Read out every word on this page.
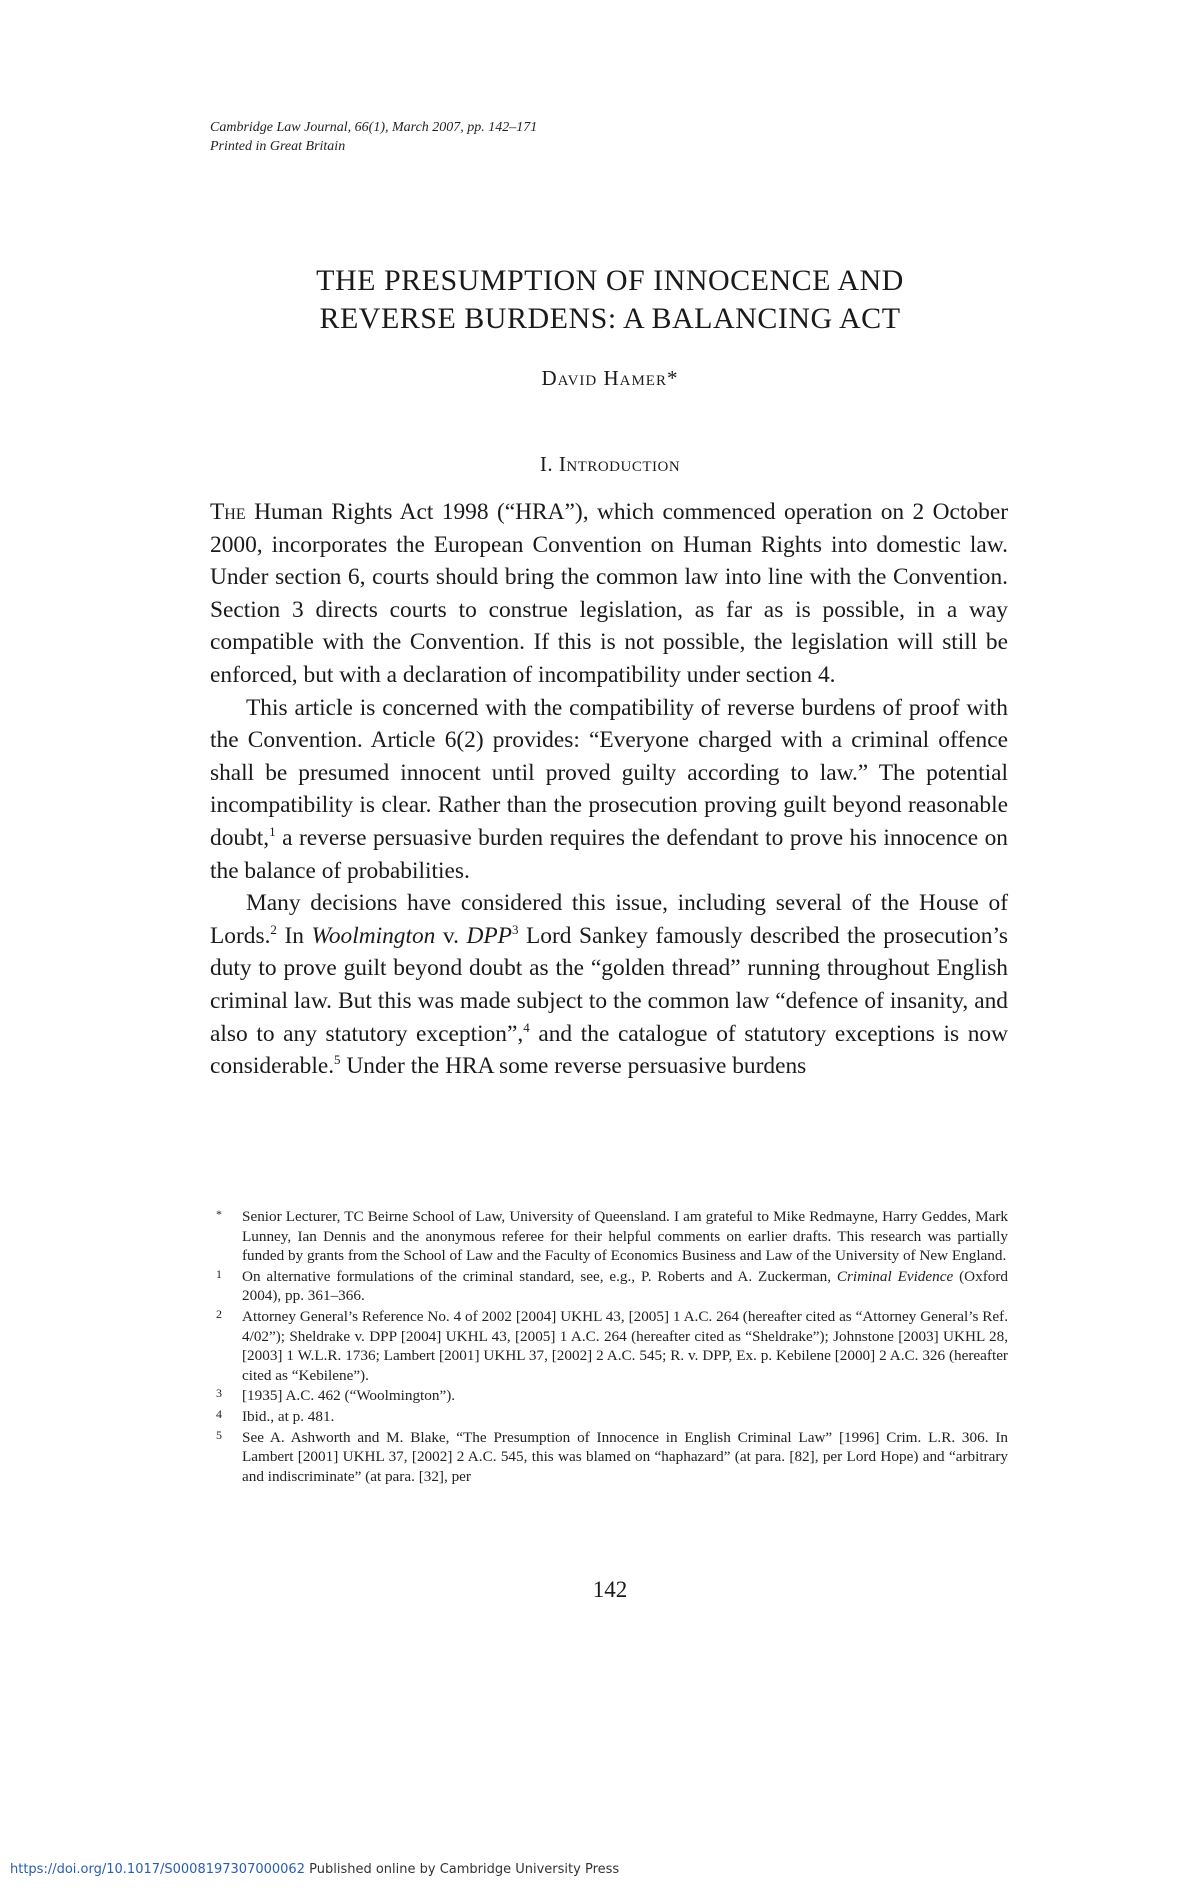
Cambridge Law Journal, 66(1), March 2007, pp. 142–171
Printed in Great Britain
THE PRESUMPTION OF INNOCENCE AND
REVERSE BURDENS: A BALANCING ACT
David Hamer*
I. Introduction

The Human Rights Act 1998 (“HRA”), which commenced operation on 2 October 2000, incorporates the European Convention on Human Rights into domestic law. Under section 6, courts should bring the common law into line with the Convention. Section 3 directs courts to construe legislation, as far as is possible, in a way compatible with the Convention. If this is not possible, the legislation will still be enforced, but with a declaration of incompatibility under section 4.

This article is concerned with the compatibility of reverse burdens of proof with the Convention. Article 6(2) provides: “Everyone charged with a criminal offence shall be presumed innocent until proved guilty according to law.” The potential incompatibility is clear. Rather than the prosecution proving guilt beyond reasonable doubt,$^1$ a reverse persuasive burden requires the defendant to prove his innocence on the balance of probabilities.

Many decisions have considered this issue, including several of the House of Lords.$^2$ In Woolmington v. DPP$^3$ Lord Sankey famously described the prosecution’s duty to prove guilt beyond doubt as the “golden thread” running throughout English criminal law. But this was made subject to the common law “defence of insanity, and also to any statutory exception”,$^4$ and the catalogue of statutory exceptions is now considerable.$^5$ Under the HRA some reverse persuasive burdens

* Senior Lecturer, TC Beirne School of Law, University of Queensland. I am grateful to Mike Redmayne, Harry Geddes, Mark Lunney, Ian Dennis and the anonymous referee for their helpful comments on earlier drafts. This research was partially funded by grants from the School of Law and the Faculty of Economics Business and Law of the University of New England.
1 On alternative formulations of the criminal standard, see, e.g., P. Roberts and A. Zuckerman, Criminal Evidence (Oxford 2004), pp. 361–366.
2 Attorney General’s Reference No. 4 of 2002 [2004] UKHL 43, [2005] 1 A.C. 264 (hereafter cited as “Attorney General’s Ref. 4/02”); Sheldrake v. DPP [2004] UKHL 43, [2005] 1 A.C. 264 (hereafter cited as “Sheldrake”); Johnstone [2003] UKHL 28, [2003] 1 W.L.R. 1736; Lambert [2001] UKHL 37, [2002] 2 A.C. 545; R. v. DPP, Ex. p. Kebilene [2000] 2 A.C. 326 (hereafter cited as “Kebilene”).
3 [1935] A.C. 462 (“Woolmington”).
4 Ibid., at p. 481.
5 See A. Ashworth and M. Blake, “The Presumption of Innocence in English Criminal Law” [1996] Crim. L.R. 306. In Lambert [2001] UKHL 37, [2002] 2 A.C. 545, this was blamed on “haphazard” (at para. [82], per Lord Hope) and “arbitrary and indiscriminate” (at para. [32], per
142
https://doi.org/10.1017/S0008197307000062 Published online by Cambridge University Press
